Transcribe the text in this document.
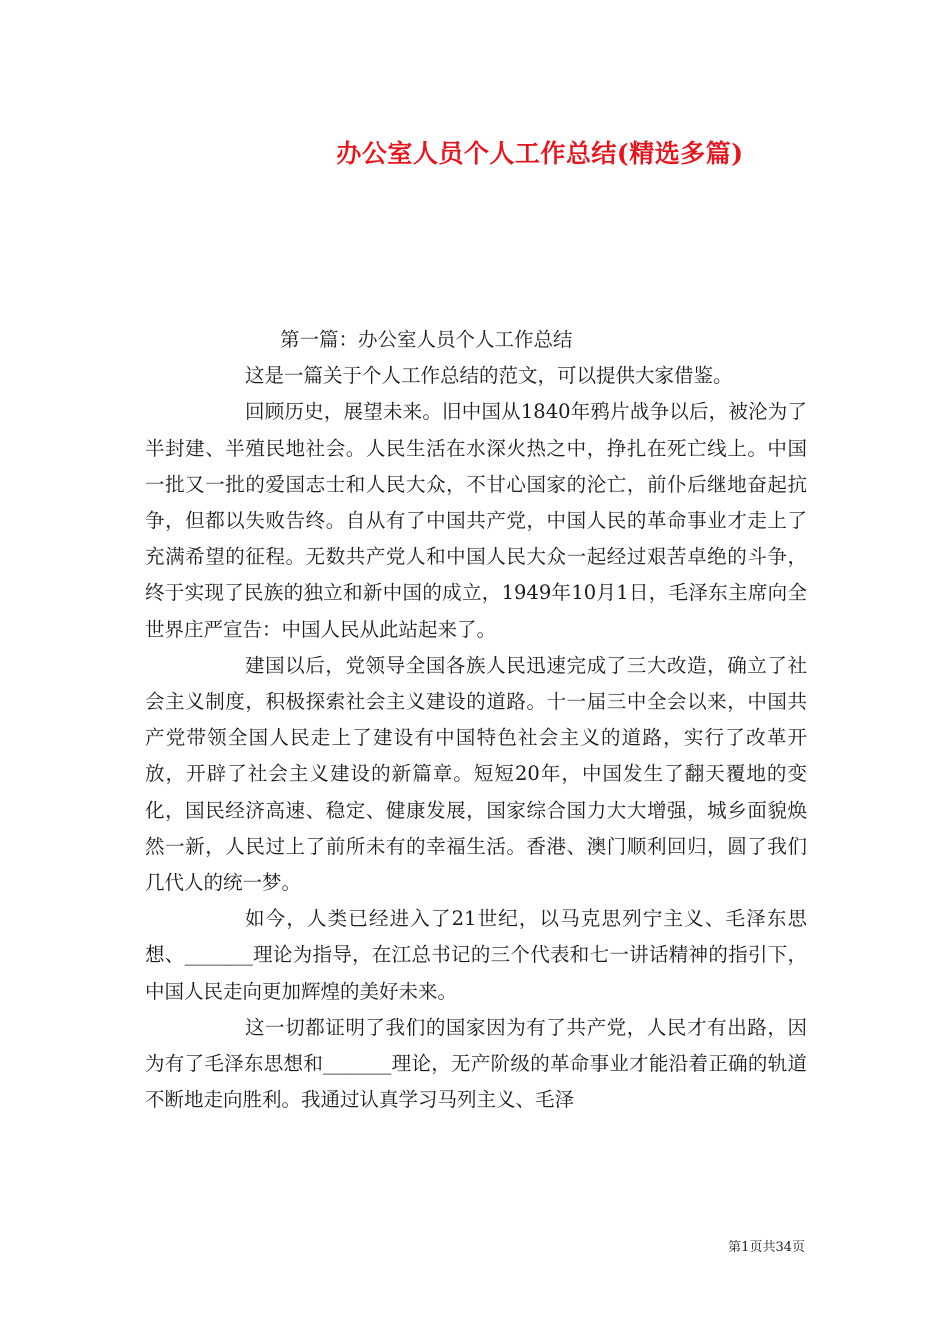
办公室人员个人工作总结(精选多篇)

第一篇：办公室人员个人工作总结

这是一篇关于个人工作总结的范文，可以提供大家借鉴。

回顾历史，展望未来。旧中国从1840年鸦片战争以后，被沦为了半封建、半殖民地社会。人民生活在水深火热之中，挣扎在死亡线上。中国一批又一批的爱国志士和人民大众，不甘心国家的沦亡，前仆后继地奋起抗争，但都以失败告终。自从有了中国共产党，中国人民的革命事业才走上了充满希望的征程。无数共产党人和中国人民大众一起经过艰苦卓绝的斗争，终于实现了民族的独立和新中国的成立，1949年10月1日，毛泽东主席向全世界庄严宣告：中国人民从此站起来了。

建国以后，党领导全国各族人民迅速完成了三大改造，确立了社会主义制度，积极探索社会主义建设的道路。十一届三中全会以来，中国共产党带领全国人民走上了建设有中国特色社会主义的道路，实行了改革开放，开辟了社会主义建设的新篇章。短短20年，中国发生了翻天覆地的变化，国民经济高速、稳定、健康发展，国家综合国力大大增强，城乡面貌焕然一新，人民过上了前所未有的幸福生活。香港、澳门顺利回归，圆了我们几代人的统一梦。

如今，人类已经进入了21世纪，以马克思列宁主义、毛泽东思想、_______理论为指导，在江总书记的三个代表和七一讲话精神的指引下，中国人民走向更加辉煌的美好未来。

这一切都证明了我们的国家因为有了共产党，人民才有出路，因为有了毛泽东思想和_______理论，无产阶级的革命事业才能沿着正确的轨道不断地走向胜利。我通过认真学习马列主义、毛泽

第1页共34页
